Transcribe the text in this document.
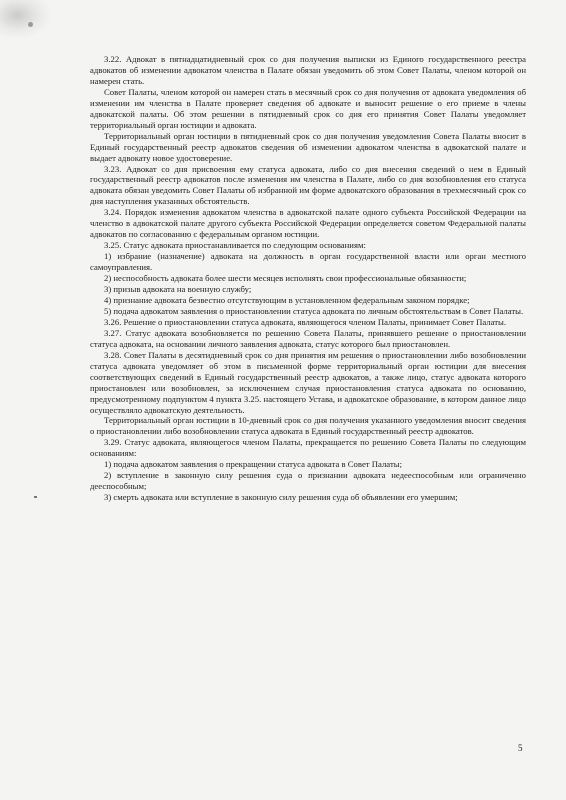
3.22. Адвокат в пятнадцатидневный срок со дня получения выписки из Единого государственного реестра адвокатов об изменении адвокатом членства в Палате обязан уведомить об этом Совет Палаты, членом которой он намерен стать.

Совет Палаты, членом которой он намерен стать в месячный срок со дня получения от адвоката уведомления об изменении им членства в Палате проверяет сведения об адвокате и выносит решение о его приеме в члены адвокатской палаты. Об этом решении в пятидневный срок со дня его принятия Совет Палаты уведомляет территориальный орган юстиции и адвоката.

Территориальный орган юстиции в пятидневный срок со дня получения уведомления Совета Палаты вносит в Единый государственный реестр адвокатов сведения об изменении адвокатом членства в адвокатской палате и выдает адвокату новое удостоверение.

3.23. Адвокат со дня присвоения ему статуса адвоката, либо со дня внесения сведений о нем в Единый государственный реестр адвокатов после изменения им членства в Палате, либо со дня возобновления его статуса адвоката обязан уведомить Совет Палаты об избранной им форме адвокатского образования в трехмесячный срок со дня наступления указанных обстоятельств.

3.24. Порядок изменения адвокатом членства в адвокатской палате одного субъекта Российской Федерации на членство в адвокатской палате другого субъекта Российской Федерации определяется советом Федеральной палаты адвокатов по согласованию с федеральным органом юстиции.

3.25. Статус адвоката приостанавливается по следующим основаниям:

1) избрание (назначение) адвоката на должность в орган государственной власти или орган местного самоуправления.

2) неспособность адвоката более шести месяцев исполнять свои профессиональные обязанности;

3) призыв адвоката на военную службу;

4) признание адвоката безвестно отсутствующим в установленном федеральным законом порядке;

5) подача адвокатом заявления о приостановлении статуса адвоката по личным обстоятельствам в Совет Палаты.

3.26. Решение о приостановлении статуса адвоката, являющегося членом Палаты, принимает Совет Палаты.

3.27. Статус адвоката возобновляется по решению Совета Палаты, принявшего решение о приостановлении статуса адвоката, на основании личного заявления адвоката, статус которого был приостановлен.

3.28. Совет Палаты в десятидневный срок со дня принятия им решения о приостановлении либо возобновлении статуса адвоката уведомляет об этом в письменной форме территориальный орган юстиции для внесения соответствующих сведений в Единый государственный реестр адвокатов, а также лицо, статус адвоката которого приостановлен или возобновлен, за исключением случая приостановления статуса адвоката по основанию, предусмотренному подпунктом 4 пункта 3.25. настоящего Устава, и адвокатское образование, в котором данное лицо осуществляло адвокатскую деятельность.

Территориальный орган юстиции в 10-дневный срок со дня получения указанного уведомления вносит сведения о приостановлении либо возобновлении статуса адвоката в Единый государственный реестр адвокатов.

3.29. Статус адвоката, являющегося членом Палаты, прекращается по решению Совета Палаты по следующим основаниям:

1) подача адвокатом заявления о прекращении статуса адвоката в Совет Палаты;

2) вступление в законную силу решения суда о признании адвоката недееспособным или ограниченно дееспособным;

3) смерть адвоката или вступление в законную силу решения суда об объявлении его умершим;

5
